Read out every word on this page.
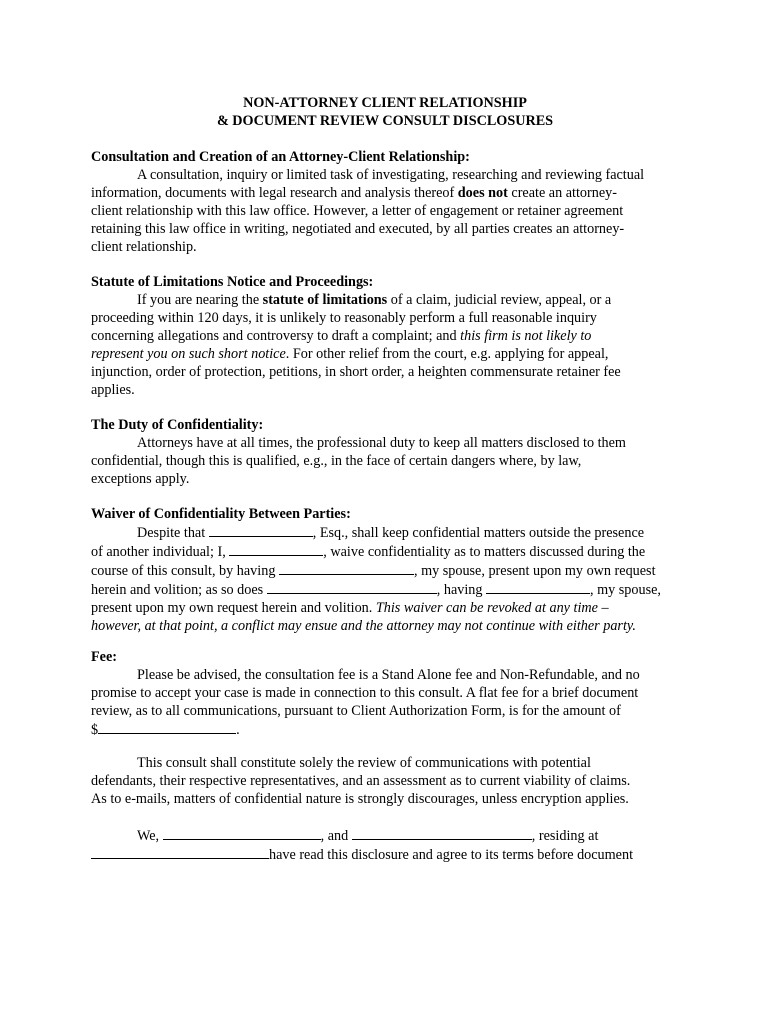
NON-ATTORNEY CLIENT RELATIONSHIP
& DOCUMENT REVIEW CONSULT DISCLOSURES
Consultation and Creation of an Attorney-Client Relationship:
A consultation, inquiry or limited task of investigating, researching and reviewing factual
information, documents with legal research and analysis thereof does not create an attorney-
client relationship with this law office. However, a letter of engagement or retainer agreement
retaining this law office in writing, negotiated and executed, by all parties creates an attorney-
client relationship.
Statute of Limitations Notice and Proceedings:
If you are nearing the statute of limitations of a claim, judicial review, appeal, or a
proceeding within 120 days, it is unlikely to reasonably perform a full reasonable inquiry
concerning allegations and controversy to draft a complaint; and this firm is not likely to
represent you on such short notice. For other relief from the court, e.g. applying for appeal,
injunction, order of protection, petitions, in short order, a heighten commensurate retainer fee
applies.
The Duty of Confidentiality:
Attorneys have at all times, the professional duty to keep all matters disclosed to them
confidential, though this is qualified, e.g., in the face of certain dangers where, by law,
exceptions apply.
Waiver of Confidentiality Between Parties:
Despite that	, Esq., shall keep confidential matters outside the presence
of another individual; I,	, waive confidentiality as to matters discussed during the
course of this consult, by having	, my spouse, present upon my own request
herein and volition; as so does	, having	, my spouse,
present upon my own request herein and volition. This waiver can be revoked at any time –
however, at that point, a conflict may ensue and the attorney may not continue with either party.
Fee:
Please be advised, the consultation fee is a Stand Alone fee and Non-Refundable, and no
promise to accept your case is made in connection to this consult. A flat fee for a brief document
review, as to all communications, pursuant to Client Authorization Form, is for the amount of
$	.
This consult shall constitute solely the review of communications with potential
defendants, their respective representatives, and an assessment as to current viability of claims.
As to e-mails, matters of confidential nature is strongly discourages, unless encryption applies.
We,	, and	, residing at
have read this disclosure and agree to its terms before document
